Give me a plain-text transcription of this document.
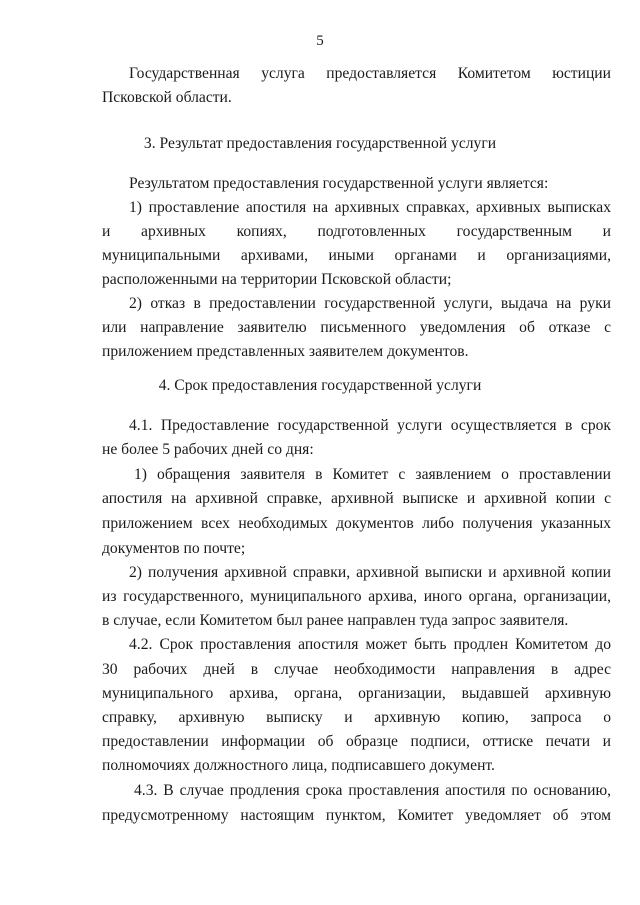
5
Государственная услуга предоставляется Комитетом юстиции
Псковской области.
3. Результат предоставления государственной услуги
Результатом предоставления государственной услуги является:
1) проставление апостиля на архивных справках, архивных выписках
и архивных копиях, подготовленных государственным и
муниципальными архивами, иными органами и организациями,
расположенными на территории Псковской области;
2) отказ в предоставлении государственной услуги, выдача на руки
или направление заявителю письменного уведомления об отказе с
приложением представленных заявителем документов.
4. Срок предоставления государственной услуги
4.1. Предоставление государственной услуги осуществляется в срок
не более 5 рабочих дней со дня:
1) обращения заявителя в Комитет с заявлением о проставлении
апостиля на архивной справке, архивной выписке и архивной копии с
приложением всех необходимых документов либо получения указанных
документов по почте;
2) получения архивной справки, архивной выписки и архивной копии
из государственного, муниципального архива, иного органа, организации,
в случае, если Комитетом был ранее направлен туда запрос заявителя.
4.2. Срок проставления апостиля может быть продлен Комитетом до
30 рабочих дней в случае необходимости направления в адрес
муниципального архива, органа, организации, выдавшей архивную
справку, архивную выписку и архивную копию, запроса о
предоставлении информации об образце подписи, оттиске печати и
полномочиях должностного лица, подписавшего документ.
4.3. В случае продления срока проставления апостиля по основанию,
предусмотренному настоящим пунктом, Комитет уведомляет об этом
